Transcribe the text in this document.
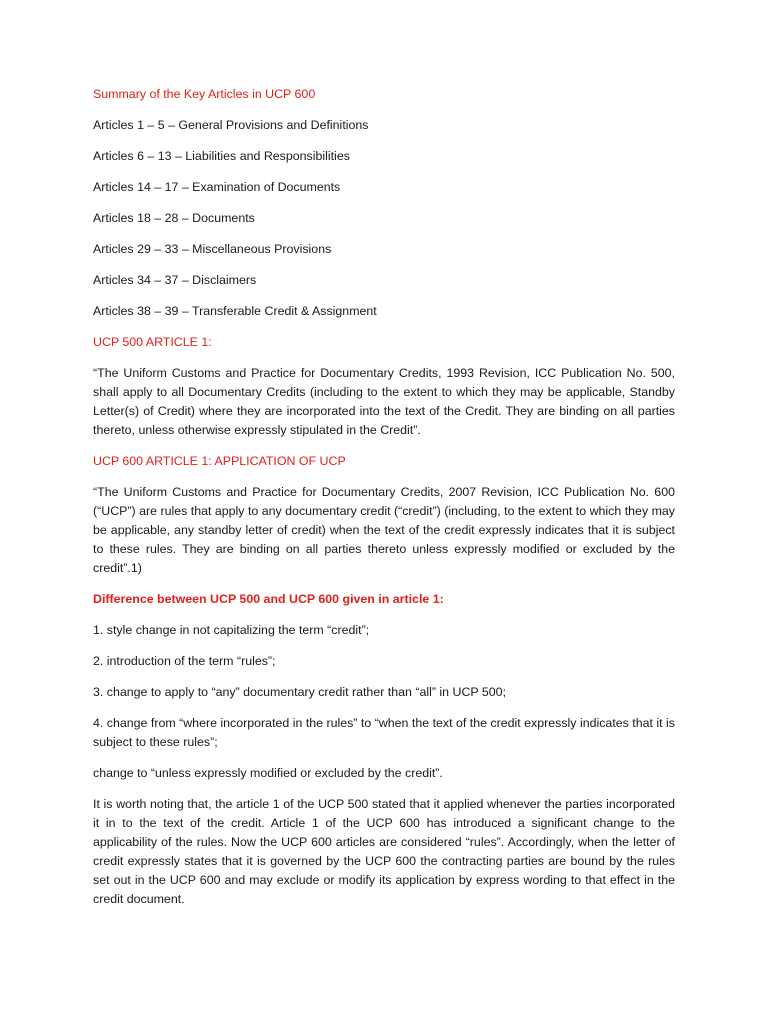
Summary of the Key Articles in UCP 600

Articles 1 – 5 – General Provisions and Definitions

Articles 6 – 13 – Liabilities and Responsibilities

Articles 14 – 17 – Examination of Documents

Articles 18 – 28 – Documents

Articles 29 – 33 – Miscellaneous Provisions

Articles 34 – 37 – Disclaimers

Articles 38 – 39 – Transferable Credit & Assignment

UCP 500 ARTICLE 1:

“The Uniform Customs and Practice for Documentary Credits, 1993 Revision, ICC Publication No. 500, shall apply to all Documentary Credits (including to the extent to which they may be applicable, Standby Letter(s) of Credit) where they are incorporated into the text of the Credit. They are binding on all parties thereto, unless otherwise expressly stipulated in the Credit”.

UCP 600 ARTICLE 1: APPLICATION OF UCP

“The Uniform Customs and Practice for Documentary Credits, 2007 Revision, ICC Publication No. 600 (“UCP”) are rules that apply to any documentary credit (“credit”) (including, to the extent to which they may be applicable, any standby letter of credit) when the text of the credit expressly indicates that it is subject to these rules. They are binding on all parties thereto unless expressly modified or excluded by the credit”.1)

Difference between UCP 500 and UCP 600 given in article 1:

1. style change in not capitalizing the term “credit”;

2. introduction of the term “rules”;

3. change to apply to “any” documentary credit rather than “all” in UCP 500;

4. change from “where incorporated in the rules” to “when the text of the credit expressly indicates that it is subject to these rules”;

change to “unless expressly modified or excluded by the credit”.

It is worth noting that, the article 1 of the UCP 500 stated that it applied whenever the parties incorporated it in to the text of the credit. Article 1 of the UCP 600 has introduced a significant change to the applicability of the rules. Now the UCP 600 articles are considered “rules”. Accordingly, when the letter of credit expressly states that it is governed by the UCP 600 the contracting parties are bound by the rules set out in the UCP 600 and may exclude or modify its application by express wording to that effect in the credit document.
